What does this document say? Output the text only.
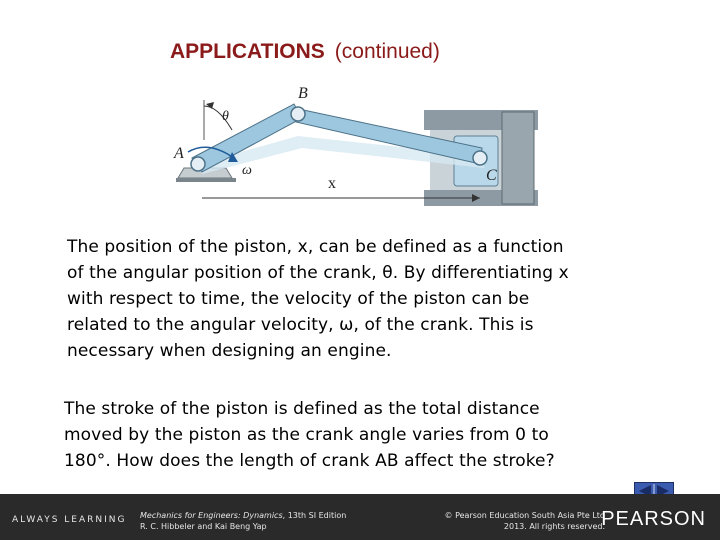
APPLICATIONS (continued)
A
B
C
θ
ω
x
The position of the piston, x, can be defined as a function
of the angular position of the crank, θ. By differentiating x
with respect to time, the velocity of the piston can be
related to the angular velocity, ω, of the crank. This is
necessary when designing an engine.
The stroke of the piston is defined as the total distance
moved by the piston as the crank angle varies from 0 to
180°. How does the length of crank AB affect the stroke?
ALWAYS LEARNING Mechanics for Engineers: Dynamics, 13th SI Edition
R. C. Hibbeler and Kai Beng Yap
© Pearson Education South Asia Pte Ltd
2013. All rights reserved.
PEARSON
